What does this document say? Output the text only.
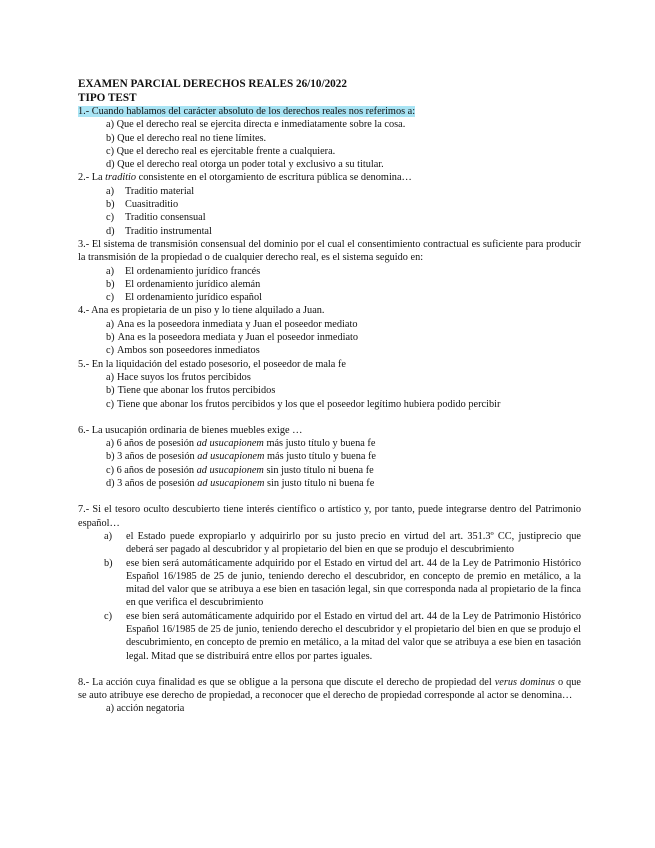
EXAMEN PARCIAL DERECHOS REALES 26/10/2022
TIPO TEST
1.- Cuando hablamos del carácter absoluto de los derechos reales nos referimos a:
a) Que el derecho real se ejercita directa e inmediatamente sobre la cosa.
b) Que el derecho real no tiene límites.
c) Que el derecho real es ejercitable frente a cualquiera.
d) Que el derecho real otorga un poder total y exclusivo a su titular.
2.- La traditio consistente en el otorgamiento de escritura pública se denomina…
a)	Traditio material
b)	Cuasitraditio
c)	Traditio consensual
d)	Traditio instrumental
3.- El sistema de transmisión consensual del dominio por el cual el consentimiento contractual es suficiente para producir la transmisión de la propiedad o de cualquier derecho real, es el sistema seguido en:
a)	El ordenamiento jurídico francés
b)	El ordenamiento jurídico alemán
c)	El ordenamiento jurídico español
4.- Ana es propietaria de un piso y lo tiene alquilado a Juan.
a) Ana es la poseedora inmediata y Juan el poseedor mediato
b) Ana es la poseedora mediata y Juan el poseedor inmediato
c) Ambos son poseedores inmediatos
5.- En la liquidación del estado posesorio, el poseedor de mala fe
a) Hace suyos los frutos percibidos
b) Tiene que abonar los frutos percibidos
c) Tiene que abonar los frutos percibidos y los que el poseedor legítimo hubiera podido percibir
6.- La usucapión ordinaria de bienes muebles exige …
a) 6 años de posesión ad usucapionem más justo título y buena fe
b) 3 años de posesión ad usucapionem más justo título y buena fe
c) 6 años de posesión ad usucapionem sin justo título ni buena fe
d) 3 años de posesión ad usucapionem sin justo título ni buena fe
7.- Si el tesoro oculto descubierto tiene interés científico o artístico y, por tanto, puede integrarse dentro del Patrimonio español…
a)	el Estado puede expropiarlo y adquirirlo por su justo precio en virtud del art. 351.3º CC, justiprecio que deberá ser pagado al descubridor y al propietario del bien en que se produjo el descubrimiento
b)	ese bien será automáticamente adquirido por el Estado en virtud del art. 44 de la Ley de Patrimonio Histórico Español 16/1985 de 25 de junio, teniendo derecho el descubridor, en concepto de premio en metálico, a la mitad del valor que se atribuya a ese bien en tasación legal, sin que corresponda nada al propietario de la finca en que verifica el descubrimiento
c)	ese bien será automáticamente adquirido por el Estado en virtud del art. 44 de la Ley de Patrimonio Histórico Español 16/1985 de 25 de junio, teniendo derecho el descubridor y el propietario del bien en que se produjo el descubrimiento, en concepto de premio en metálico, a la mitad del valor que se atribuya a ese bien en tasación legal. Mitad que se distribuirá entre ellos por partes iguales.
8.- La acción cuya finalidad es que se obligue a la persona que discute el derecho de propiedad del verus dominus o que se auto atribuye ese derecho de propiedad, a reconocer que el derecho de propiedad corresponde al actor se denomina…
a) acción negatoria
